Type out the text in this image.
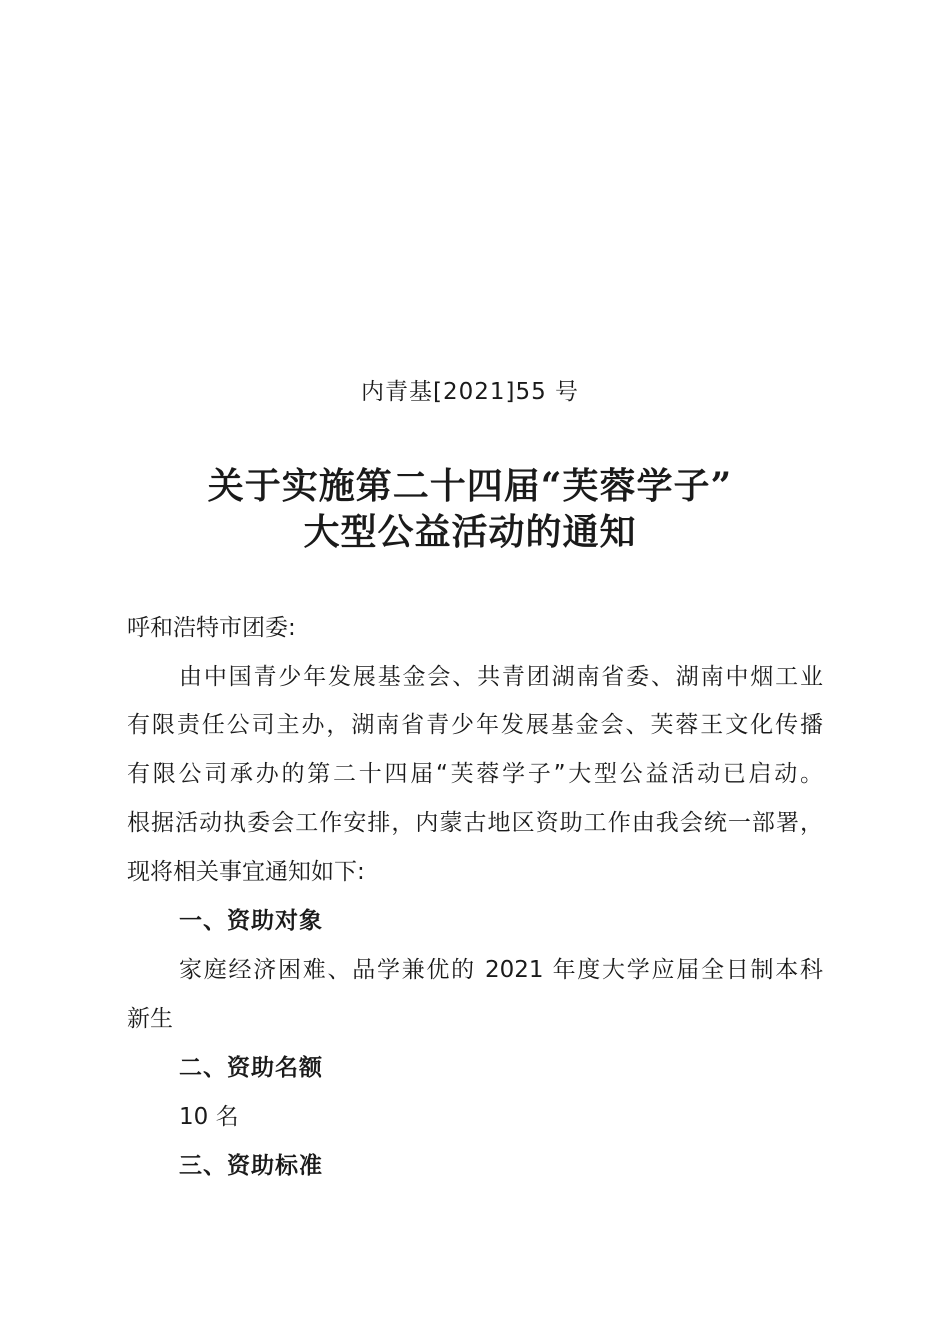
内青基[2021]55 号
关于实施第二十四届“芙蓉学子”
大型公益活动的通知
呼和浩特市团委:
由中国青少年发展基金会、共青团湖南省委、湖南中烟工业
有限责任公司主办，湖南省青少年发展基金会、芙蓉王文化传播
有限公司承办的第二十四届“芙蓉学子”大型公益活动已启动。
根据活动执委会工作安排，内蒙古地区资助工作由我会统一部署，
现将相关事宜通知如下:
一、资助对象
家庭经济困难、品学兼优的 2021 年度大学应届全日制本科
新生
二、资助名额
10 名
三、资助标准
